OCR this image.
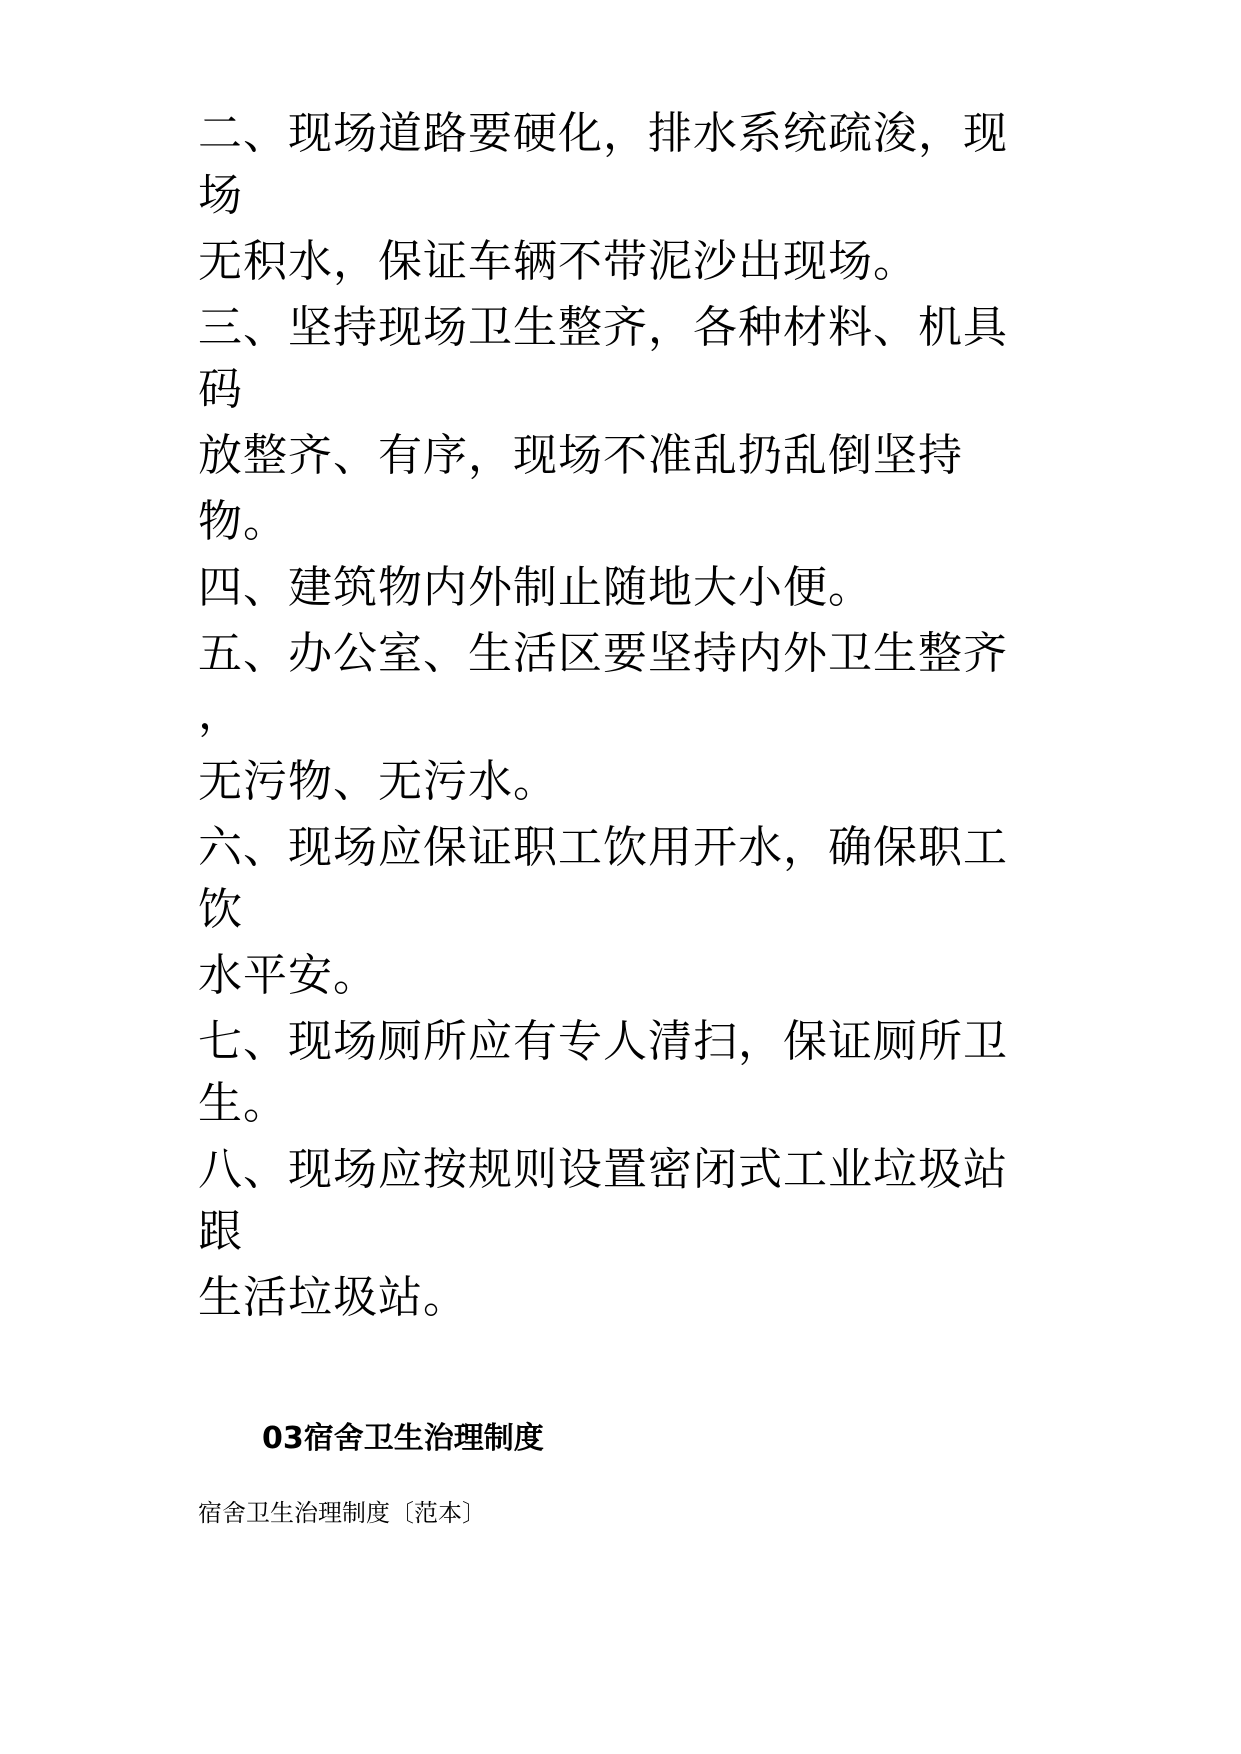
二、现场道路要硬化，排水系统疏浚，现
场
无积水，保证车辆不带泥沙出现场。
三、坚持现场卫生整齐，各种材料、机具
码
放整齐、有序，现场不准乱扔乱倒坚持
物。
四、建筑物内外制止随地大小便。
五、办公室、生活区要坚持内外卫生整齐
，
无污物、无污水。
六、现场应保证职工饮用开水，确保职工
饮
水平安。
七、现场厕所应有专人清扫，保证厕所卫
生。
八、现场应按规则设置密闭式工业垃圾站
跟
生活垃圾站。
03宿舍卫生治理制度
宿舍卫生治理制度〔范本〕
